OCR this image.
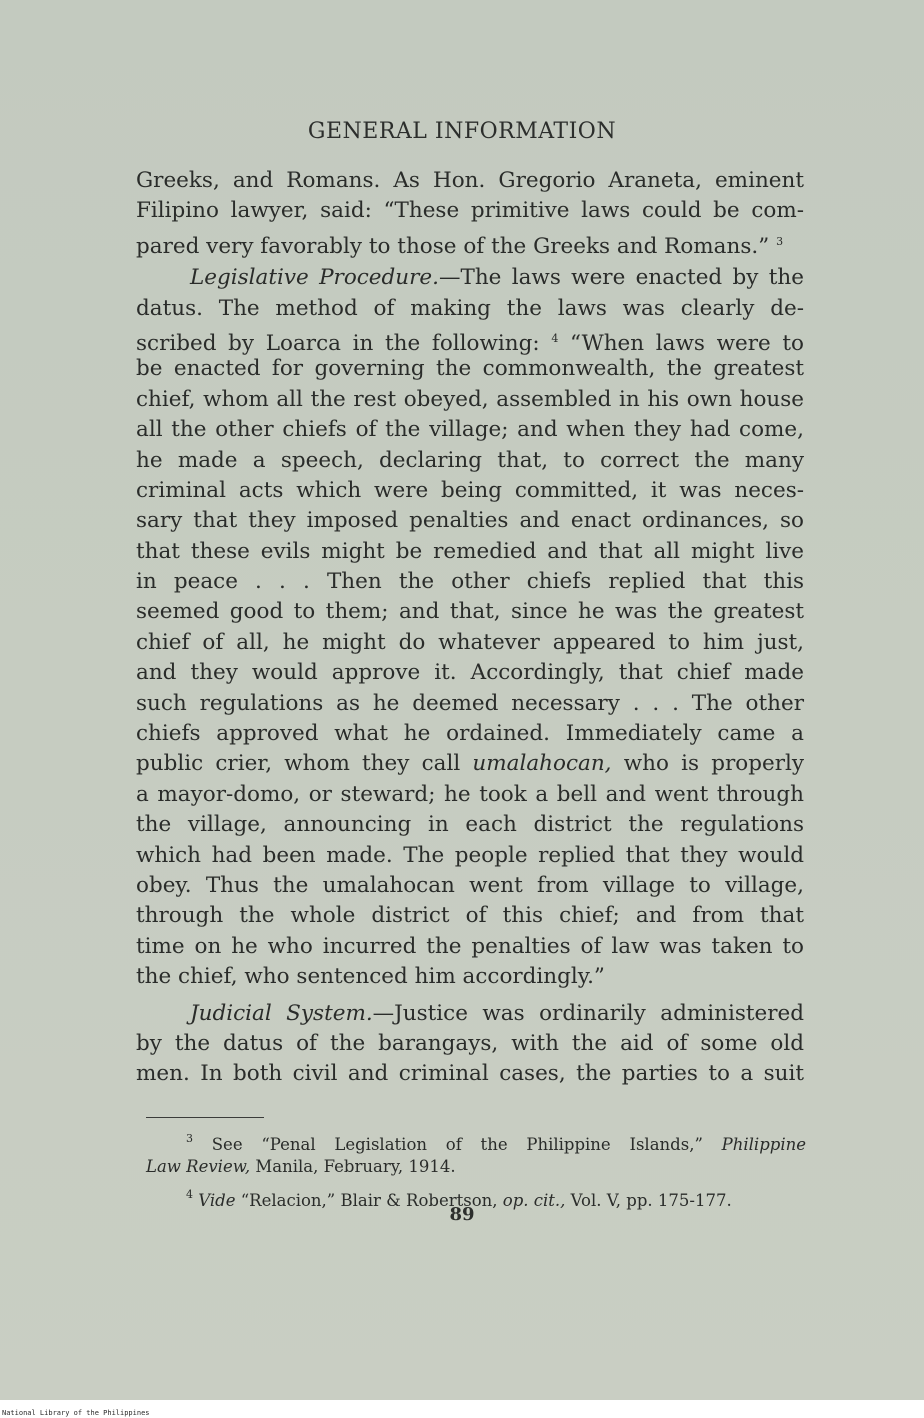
GENERAL INFORMATION
Greeks, and Romans. As Hon. Gregorio Araneta, eminent
Filipino lawyer, said: “These primitive laws could be com-
pared very favorably to those of the Greeks and Romans.” $^3$
Legislative Procedure.—The laws were enacted by the
datus. The method of making the laws was clearly de-
scribed by Loarca in the following: $^4$ “When laws were to
be enacted for governing the commonwealth, the greatest
chief, whom all the rest obeyed, assembled in his own house
all the other chiefs of the village; and when they had come,
he made a speech, declaring that, to correct the many
criminal acts which were being committed, it was neces-
sary that they imposed penalties and enact ordinances, so
that these evils might be remedied and that all might live
in peace . . . Then the other chiefs replied that this
seemed good to them; and that, since he was the greatest
chief of all, he might do whatever appeared to him just,
and they would approve it. Accordingly, that chief made
such regulations as he deemed necessary . . . The other
chiefs approved what he ordained. Immediately came a
public crier, whom they call umalahocan, who is properly
a mayor-domo, or steward; he took a bell and went through
the village, announcing in each district the regulations
which had been made. The people replied that they would
obey. Thus the umalahocan went from village to village,
through the whole district of this chief; and from that
time on he who incurred the penalties of law was taken to
the chief, who sentenced him accordingly.”
Judicial System.—Justice was ordinarily administered
by the datus of the barangays, with the aid of some old
men. In both civil and criminal cases, the parties to a suit
$^3$ See “Penal Legislation of the Philippine Islands,” Philippine
Law Review, Manila, February, 1914.
$^4$ Vide “Relacion,” Blair & Robertson, op. cit., Vol. V, pp. 175-177.
89
National Library of the Philippines
